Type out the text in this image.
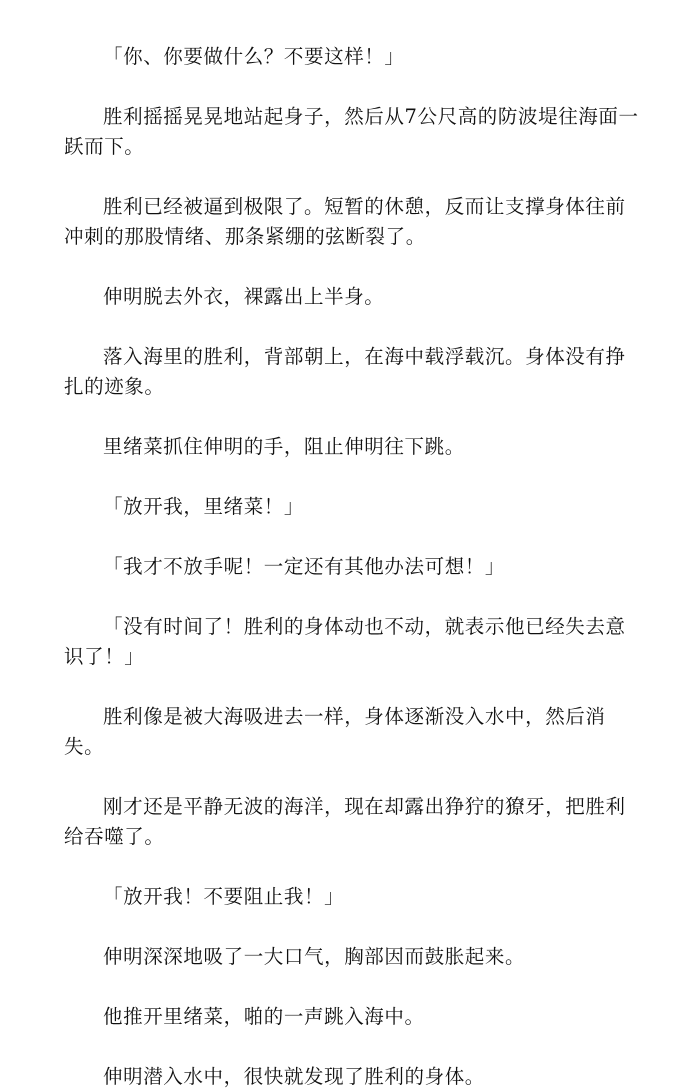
「你、你要做什么？不要这样！」

胜利摇摇晃晃地站起身子，然后从7公尺高的防波堤往海面一跃而下。

胜利已经被逼到极限了。短暂的休憩，反而让支撑身体往前冲刺的那股情绪、那条紧绷的弦断裂了。

伸明脱去外衣，裸露出上半身。

落入海里的胜利，背部朝上，在海中载浮载沉。身体没有挣扎的迹象。

里绪菜抓住伸明的手，阻止伸明往下跳。

「放开我，里绪菜！」

「我才不放手呢！一定还有其他办法可想！」

「没有时间了！胜利的身体动也不动，就表示他已经失去意识了！」

胜利像是被大海吸进去一样，身体逐渐没入水中，然后消失。

刚才还是平静无波的海洋，现在却露出狰狞的獠牙，把胜利给吞噬了。

「放开我！不要阻止我！」

伸明深深地吸了一大口气，胸部因而鼓胀起来。

他推开里绪菜，啪的一声跳入海中。

伸明潜入水中，很快就发现了胜利的身体。
